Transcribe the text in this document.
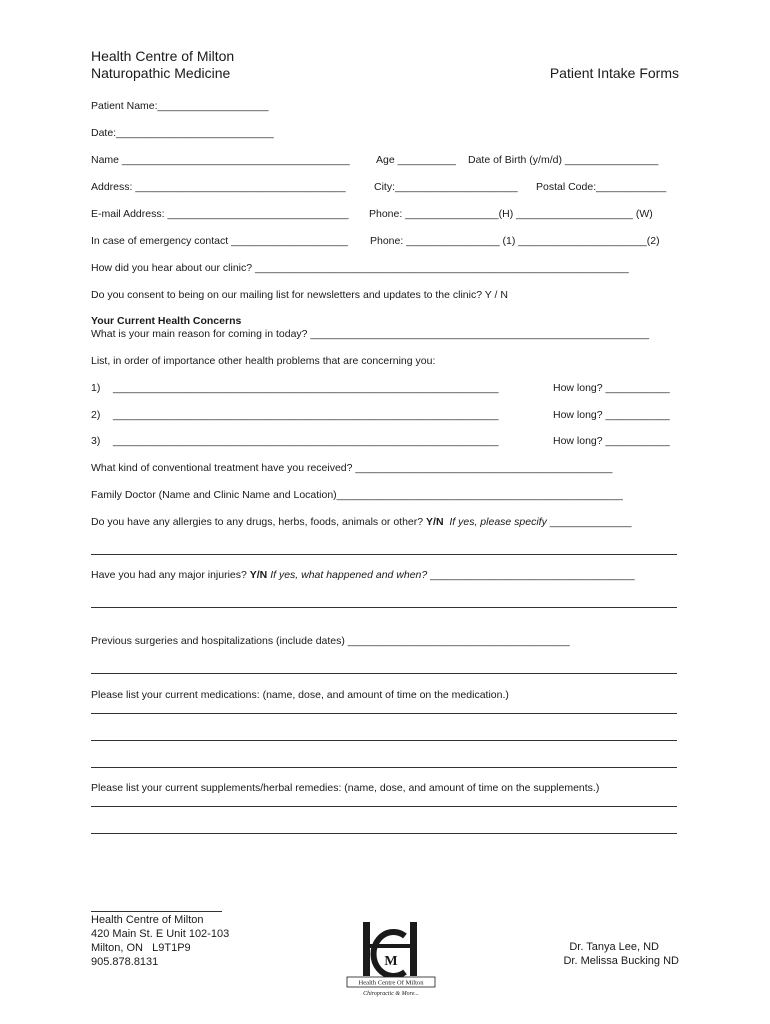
Health Centre of Milton
Naturopathic Medicine	Patient Intake Forms
Patient Name:___________________
Date:___________________________
Name _______________________________________	Age __________ Date of Birth (y/m/d) ________________
Address: ____________________________________	City:_____________________ Postal Code:____________
E-mail Address: _______________________________ Phone: ________________(H) ____________________ (W)
In case of emergency contact ____________________ Phone: ________________ (1) ______________________(2)
How did you hear about our clinic? ________________________________________________________________
Do you consent to being on our mailing list for newsletters and updates to the clinic? Y / N
Your Current Health Concerns
What is your main reason for coming in today? __________________________________________________________
List, in order of importance other health problems that are concerning you:
1) __________________________________________________________________	How long? ___________
2) __________________________________________________________________	How long? ___________
3) __________________________________________________________________	How long? ___________
What kind of conventional treatment have you received? ____________________________________________
Family Doctor (Name and Clinic Name and Location)_________________________________________________
Do you have any allergies to any drugs, herbs, foods, animals or other? Y/N  If yes, please specify ______________
Have you had any major injuries? Y/N If yes, what happened and when? ___________________________________
Previous surgeries and hospitalizations (include dates) ______________________________________
Please list your current medications: (name, dose, and amount of time on the medication.)
Please list your current supplements/herbal remedies: (name, dose, and amount of time on the supplements.)
Health Centre of Milton
420 Main St. E Unit 102-103
Milton, ON   L9T1P9
905.878.8131
Dr. Tanya Lee, ND
Dr. Melissa Bucking ND
M
Health Centre Of Milton
Chiropractic & More...
